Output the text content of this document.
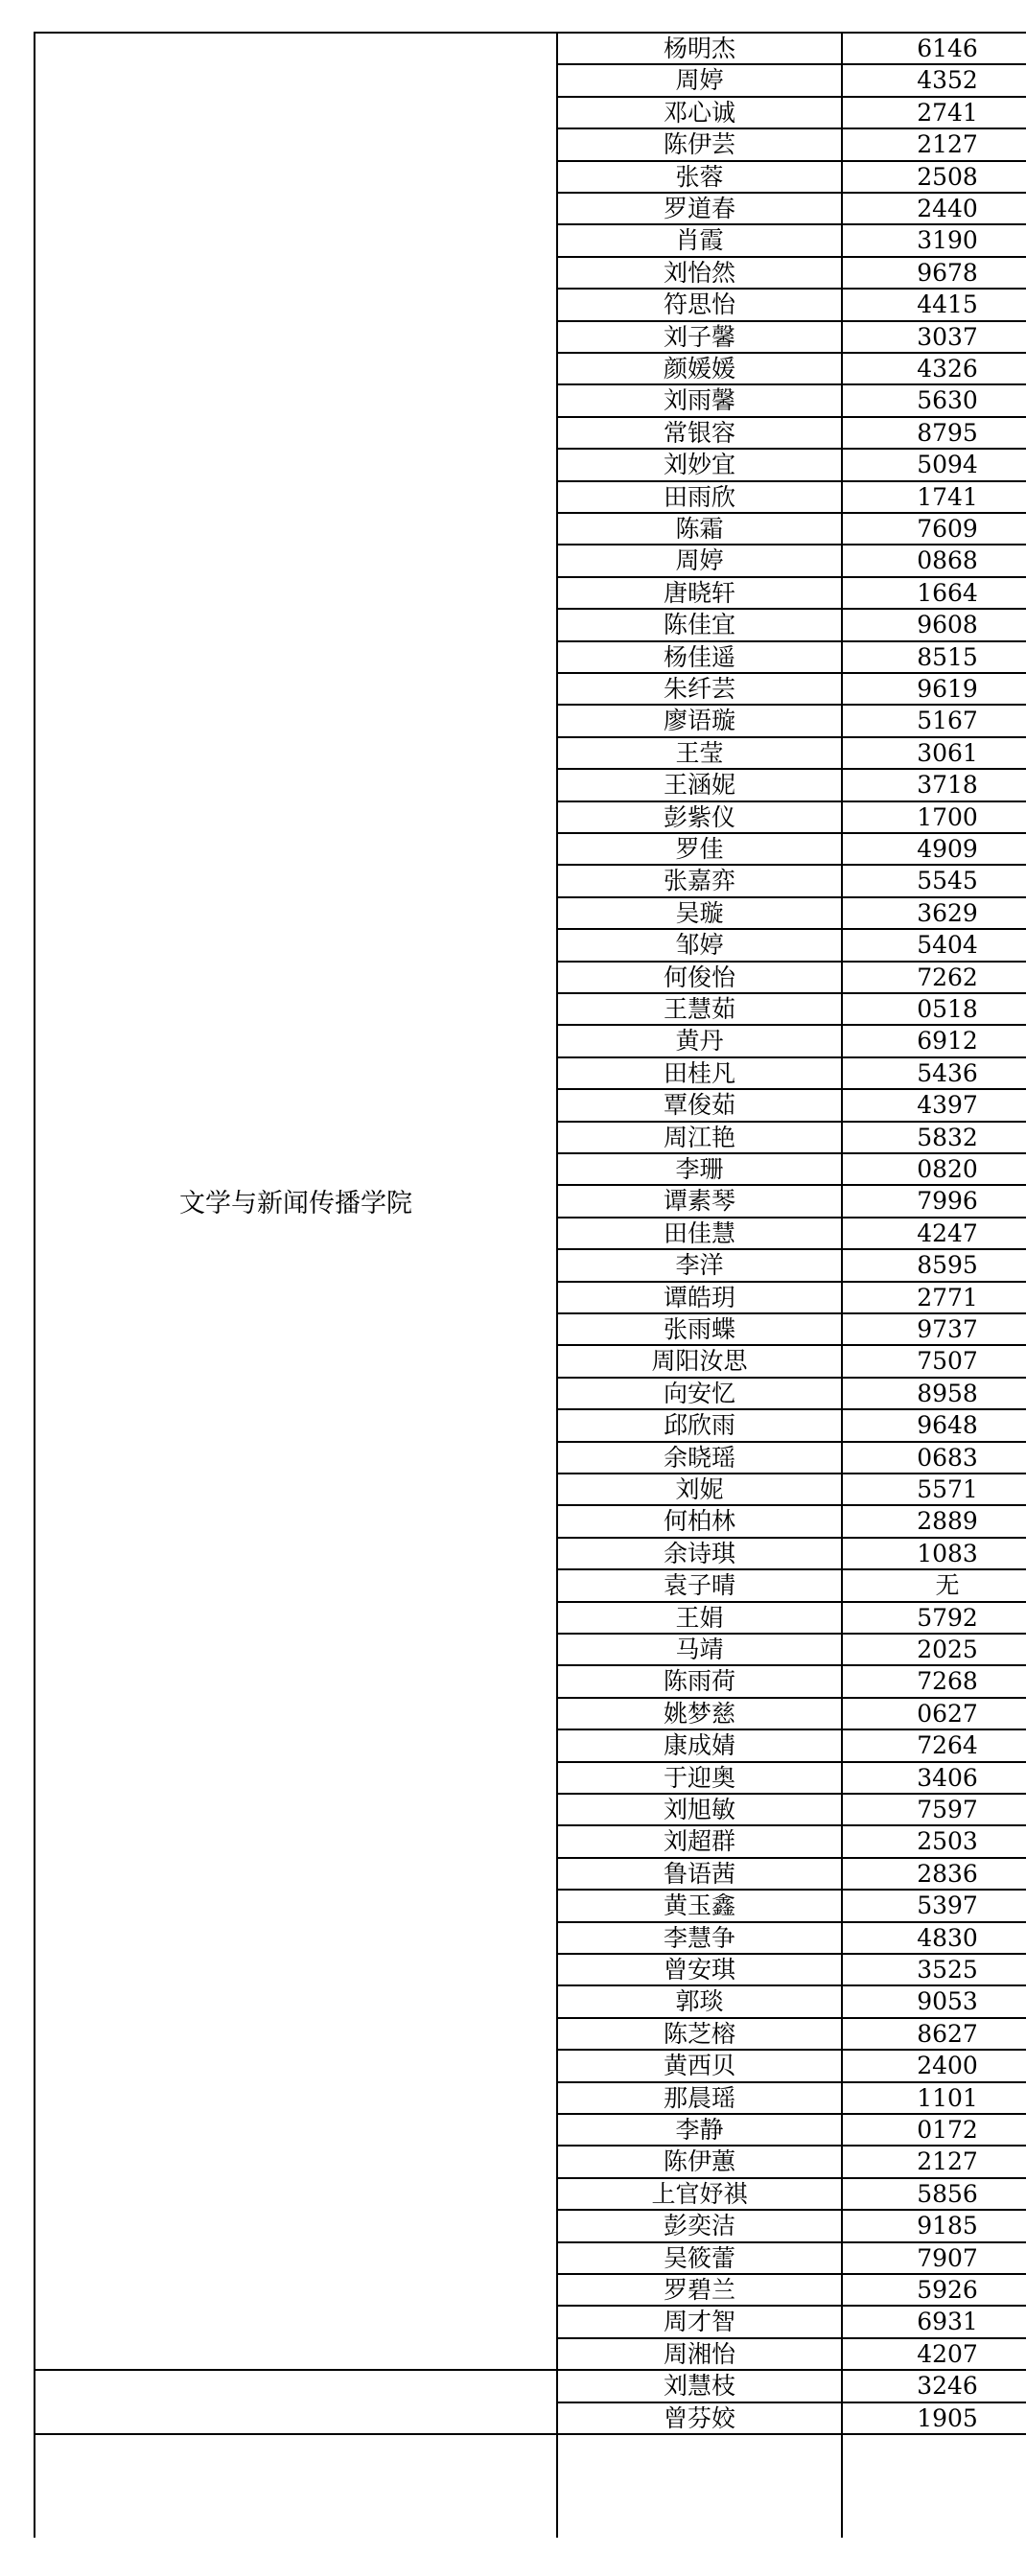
文学与新闻传播学院
杨明杰	6146
周婷	4352
邓心诚	2741
陈伊芸	2127
张蓉	2508
罗道春	2440
肖霞	3190
刘怡然	9678
符思怡	4415
刘子馨	3037
颜媛媛	4326
刘雨馨	5630
常银容	8795
刘妙宜	5094
田雨欣	1741
陈霜	7609
周婷	0868
唐晓轩	1664
陈佳宜	9608
杨佳遥	8515
朱纤芸	9619
廖语璇	5167
王莹	3061
王涵妮	3718
彭紫仪	1700
罗佳	4909
张嘉弈	5545
吴璇	3629
邹婷	5404
何俊怡	7262
王慧茹	0518
黄丹	6912
田桂凡	5436
覃俊茹	4397
周江艳	5832
李珊	0820
谭素琴	7996
田佳慧	4247
李洋	8595
谭皓玥	2771
张雨蝶	9737
周阳汝思	7507
向安忆	8958
邱欣雨	9648
余晓瑶	0683
刘妮	5571
何柏林	2889
余诗琪	1083
袁子晴	无
王娟	5792
马靖	2025
陈雨荷	7268
姚梦慈	0627
康成婧	7264
于迎奥	3406
刘旭敏	7597
刘超群	2503
鲁语茜	2836
黄玉鑫	5397
李慧争	4830
曾安琪	3525
郭琰	9053
陈芝榕	8627
黄西贝	2400
那晨瑶	1101
李静	0172
陈伊蕙	2127
上官妤祺	5856
彭奕洁	9185
吴筱蕾	7907
罗碧兰	5926
周才智	6931
周湘怡	4207
刘慧枝	3246
曾芬姣	1905
